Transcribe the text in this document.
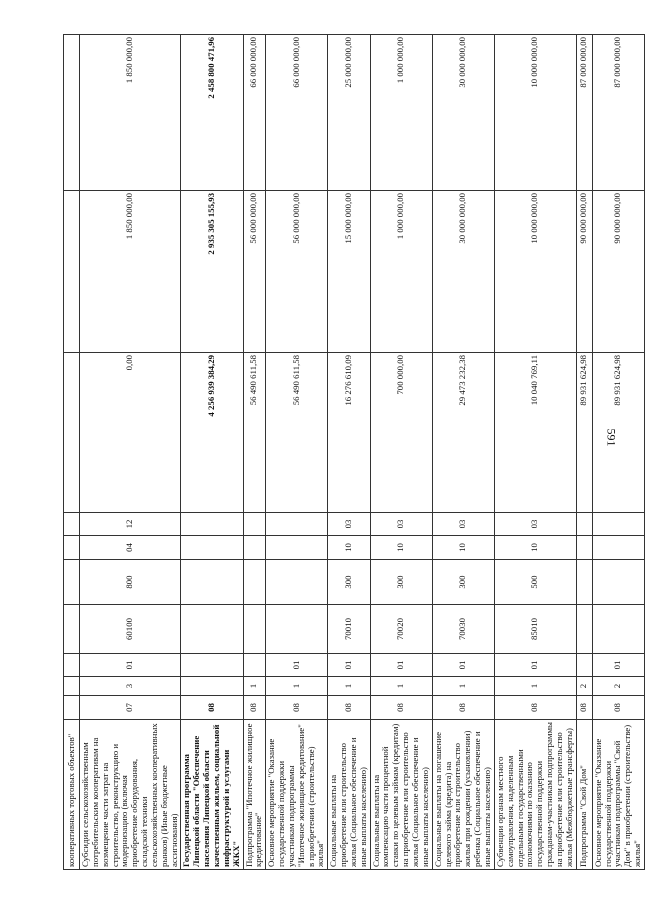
591
кооперативных торговых объектов"										
Субсидии сельскохозяйственным потребительским кооперативам на возмещение части затрат на строительство, реконструкцию и модернизацию (включая приобретение оборудования, складской техники сельскохозяйственных кооперативных рынков) (Иные бюджетные ассигнования)	07	3	01	60100	800	04	12	0,00	1 850 000,00	1 850 000,00
Государственная программа Липецкой области "Обеспечение населения Липецкой области качественным жильем, социальной инфраструктурой и услугами ЖКХ"	08							4 256 939 384,29	2 935 305 155,93	2 458 800 471,96
Подпрограмма "Ипотечное жилищное кредитование"	08	1						56 490 611,58	56 000 000,00	66 000 000,00
Основное мероприятие "Оказание государственной поддержки участникам подпрограммы "Ипотечное жилищное кредитование" в приобретении (строительстве) жилья"	08	1	01					56 490 611,58	56 000 000,00	66 000 000,00
Социальные выплаты на приобретение или строительство жилья (Социальное обеспечение и иные выплаты населению)	08	1	01	70010	300	10	03	16 276 610,09	15 000 000,00	25 000 000,00
Социальные выплаты на компенсацию части процентной ставки по целевым займам (кредитам) на приобретение или строительство жилья (Социальное обеспечение и иные выплаты населению)	08	1	01	70020	300	10	03	700 000,00	1 000 000,00	1 000 000,00
Социальные выплаты на погашение целевого займа (кредита) на приобретение или строительство жилья при рождении (усыновлении) ребенка (Социальное обеспечение и иные выплаты населению)	08	1	01	70030	300	10	03	29 473 232,38	30 000 000,00	30 000 000,00
Субвенции органам местного самоуправления, наделенным отдельными государственными полномочиями по оказанию государственной поддержки гражданам-участникам подпрограммы на приобретение или строительство жилья (Межбюджетные трансферты)	08	1	01	85010	500	10	03	10 040 769,11	10 000 000,00	10 000 000,00
Подпрограмма "Свой Дом"	08	2						89 931 624,98	90 000 000,00	87 000 000,00
Основное мероприятие "Оказание государственной поддержки участникам подпрограммы "Свой Дом" в приобретении (строительстве) жилья"	08	2	01					89 931 624,98	90 000 000,00	87 000 000,00
